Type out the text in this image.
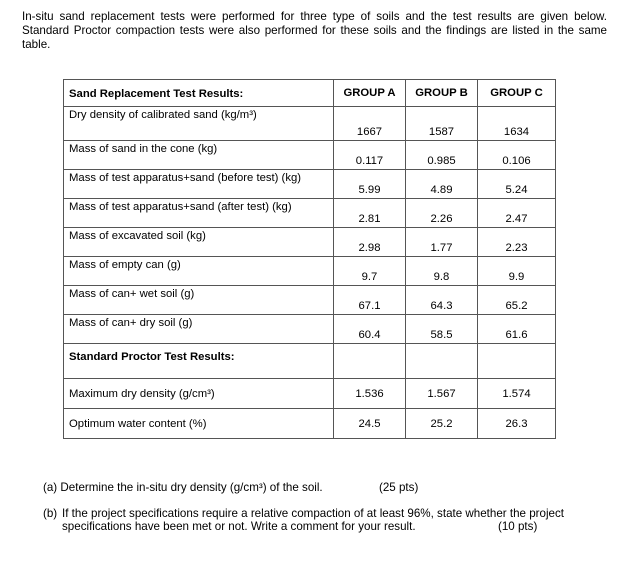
In-situ sand replacement tests were performed for three type of soils and the test results are given below. Standard Proctor compaction tests were also performed for these soils and the findings are listed in the same table.
Sand Replacement Test Results:	GROUP A	GROUP B	GROUP C
Dry density of calibrated sand (kg/m³)	1667	1587	1634
Mass of sand in the cone (kg)	0.117	0.985	0.106
Mass of test apparatus+sand (before test) (kg)	5.99	4.89	5.24
Mass of test apparatus+sand (after test) (kg)	2.81	2.26	2.47
Mass of excavated soil (kg)	2.98	1.77	2.23
Mass of empty can (g)	9.7	9.8	9.9
Mass of can+ wet soil (g)	67.1	64.3	65.2
Mass of can+ dry soil (g)	60.4	58.5	61.6
Standard Proctor Test Results:			
Maximum dry density (g/cm³)	1.536	1.567	1.574
Optimum water content (%)	24.5	25.2	26.3
(a) Determine the in-situ dry density (g/cm³) of the soil.	(25 pts)
(b) If the project specifications require a relative compaction of at least 96%, state whether the project
specifications have been met or not. Write a comment for your result.	(10 pts)
